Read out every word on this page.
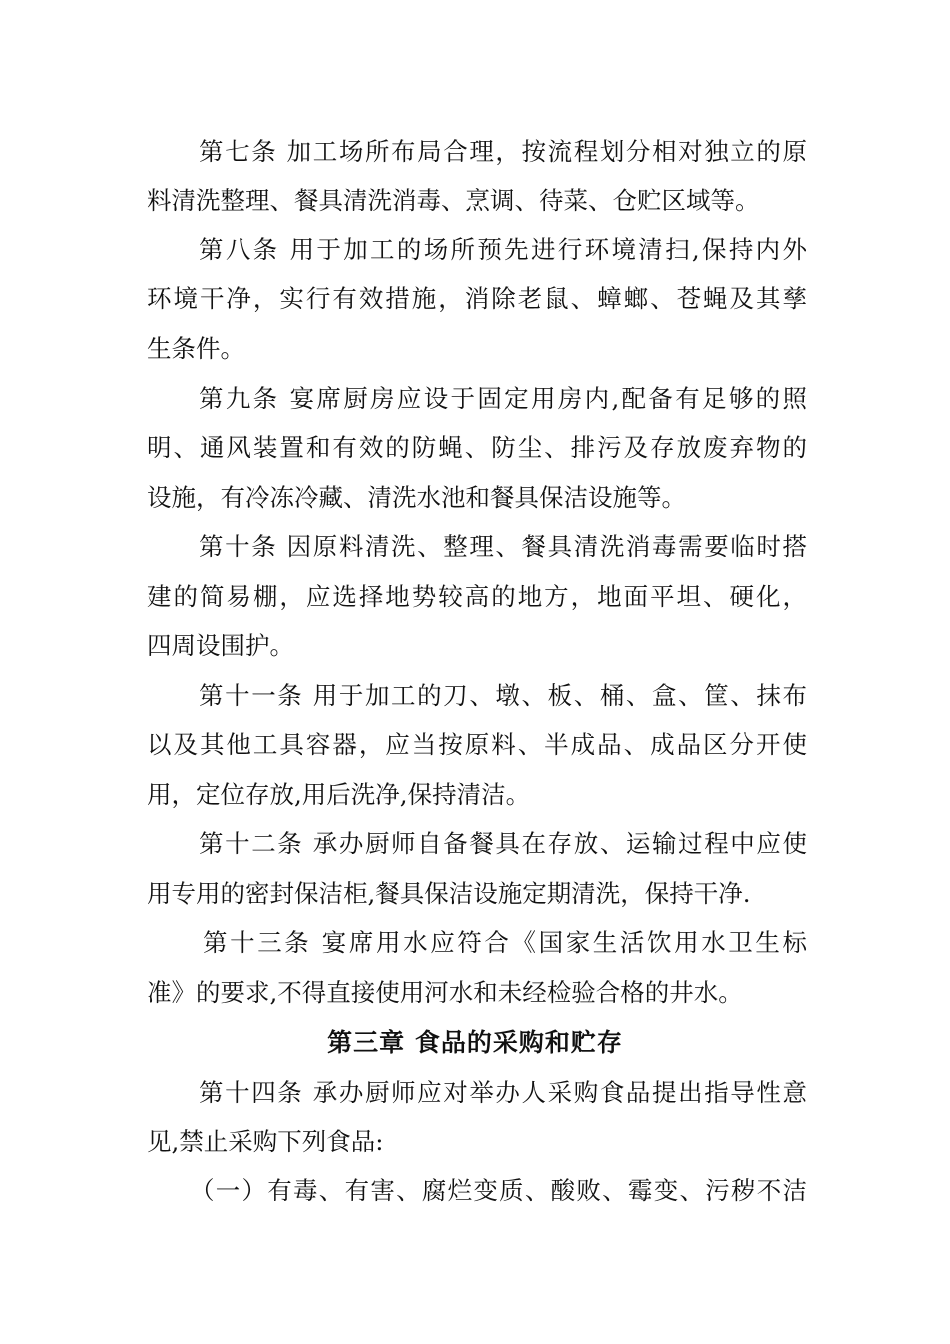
第七条 加工场所布局合理，按流程划分相对独立的原
料清洗整理、餐具清洗消毒、烹调、待菜、仓贮区域等。
第八条 用于加工的场所预先进行环境清扫,保持内外
环境干净，实行有效措施，消除老鼠、蟑螂、苍蝇及其孳
生条件。
第九条 宴席厨房应设于固定用房内,配备有足够的照
明、通风装置和有效的防蝇、防尘、排污及存放废弃物的
设施，有冷冻冷藏、清洗水池和餐具保洁设施等。
第十条 因原料清洗、整理、餐具清洗消毒需要临时搭
建的简易棚，应选择地势较高的地方，地面平坦、硬化，
四周设围护。
第十一条 用于加工的刀、墩、板、桶、盒、筐、抹布
以及其他工具容器，应当按原料、半成品、成品区分开使
用，定位存放,用后洗净,保持清洁。
第十二条 承办厨师自备餐具在存放、运输过程中应使
用专用的密封保洁柜,餐具保洁设施定期清洗，保持干净.
第十三条 宴席用水应符合《国家生活饮用水卫生标
准》的要求,不得直接使用河水和未经检验合格的井水。
第三章 食品的采购和贮存
第十四条 承办厨师应对举办人采购食品提出指导性意
见,禁止采购下列食品:
（一）有毒、有害、腐烂变质、酸败、霉变、污秽不洁
